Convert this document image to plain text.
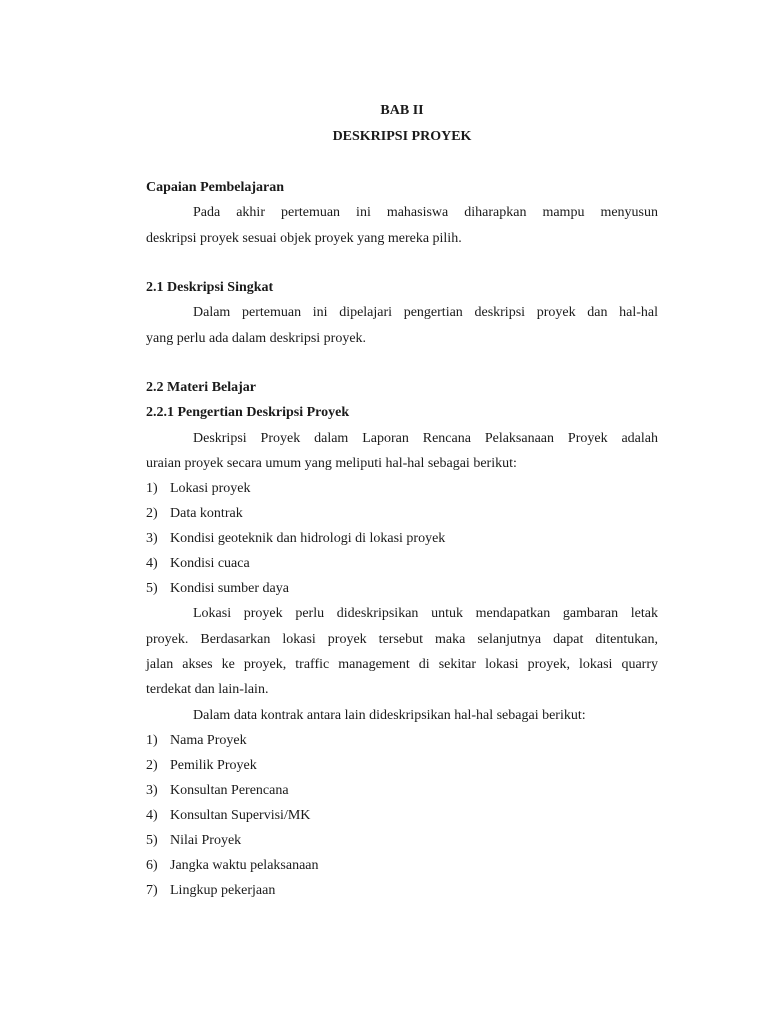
BAB II
DESKRIPSI PROYEK
Capaian Pembelajaran
Pada akhir pertemuan ini mahasiswa diharapkan mampu menyusun
deskripsi proyek sesuai objek proyek yang mereka pilih.
2.1 Deskripsi Singkat
Dalam pertemuan ini dipelajari pengertian deskripsi proyek dan hal-hal
yang perlu ada dalam deskripsi proyek.
2.2 Materi Belajar
2.2.1 Pengertian Deskripsi Proyek
Deskripsi Proyek dalam Laporan Rencana Pelaksanaan Proyek adalah
uraian proyek secara umum yang meliputi hal-hal sebagai berikut:
1) Lokasi proyek
2) Data kontrak
3) Kondisi geoteknik dan hidrologi di lokasi proyek
4) Kondisi cuaca
5) Kondisi sumber daya
Lokasi proyek perlu dideskripsikan untuk mendapatkan gambaran letak
proyek. Berdasarkan lokasi proyek tersebut maka selanjutnya dapat ditentukan,
jalan akses ke proyek, traffic management di sekitar lokasi proyek, lokasi quarry
terdekat dan lain-lain.
Dalam data kontrak antara lain dideskripsikan hal-hal sebagai berikut:
1) Nama Proyek
2) Pemilik Proyek
3) Konsultan Perencana
4) Konsultan Supervisi/MK
5) Nilai Proyek
6) Jangka waktu pelaksanaan
7) Lingkup pekerjaan
